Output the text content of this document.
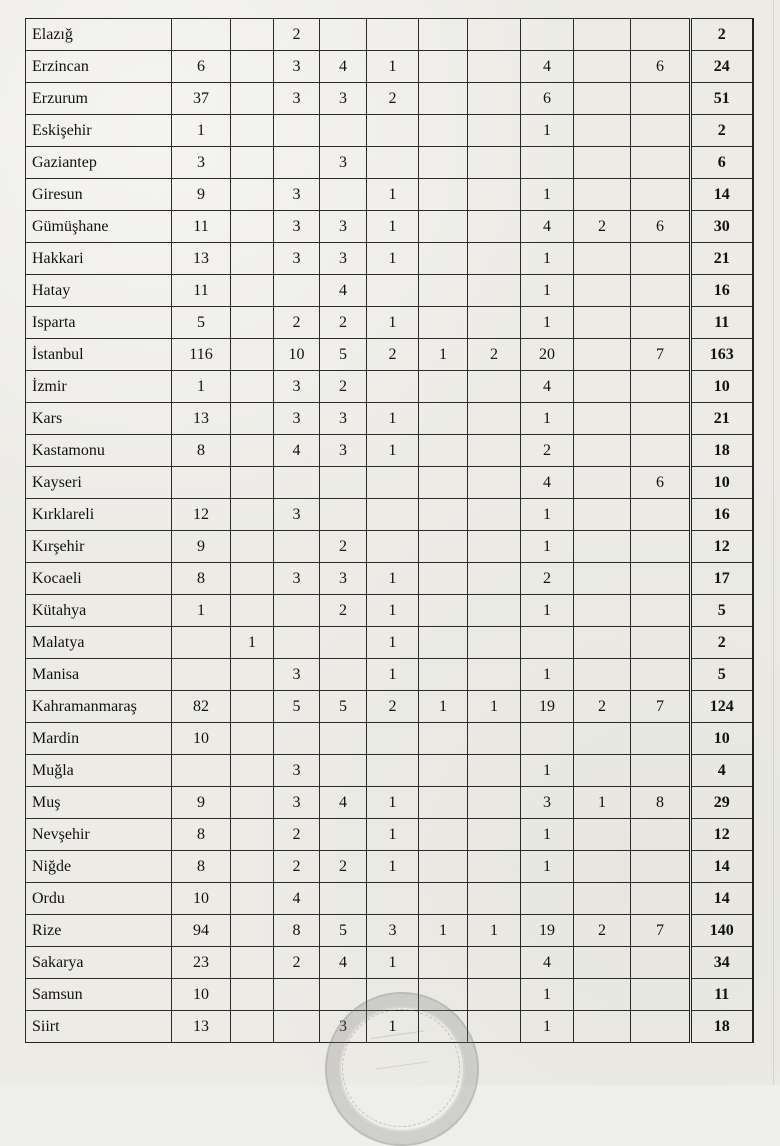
Elazığ			2								2
Erzincan	6		3	4	1			4		6	24
Erzurum	37		3	3	2			6			51
Eskişehir	1							1			2
Gaziantep	3			3							6
Giresun	9		3		1			1			14
Gümüşhane	11		3	3	1			4	2	6	30
Hakkari	13		3	3	1			1			21
Hatay	11			4				1			16
Isparta	5		2	2	1			1			11
İstanbul	116		10	5	2	1	2	20		7	163
İzmir	1		3	2				4			10
Kars	13		3	3	1			1			21
Kastamonu	8		4	3	1			2			18
Kayseri								4		6	10
Kırklareli	12		3					1			16
Kırşehir	9			2				1			12
Kocaeli	8		3	3	1			2			17
Kütahya	1			2	1			1			5
Malatya		1			1						2
Manisa			3		1			1			5
Kahramanmaraş	82		5	5	2	1	1	19	2	7	124
Mardin	10										10
Muğla			3					1			4
Muş	9		3	4	1			3	1	8	29
Nevşehir	8		2		1			1			12
Niğde	8		2	2	1			1			14
Ordu	10		4								14
Rize	94		8	5	3	1	1	19	2	7	140
Sakarya	23		2	4	1			4			34
Samsun	10							1			11
Siirt	13			3	1			1			18
